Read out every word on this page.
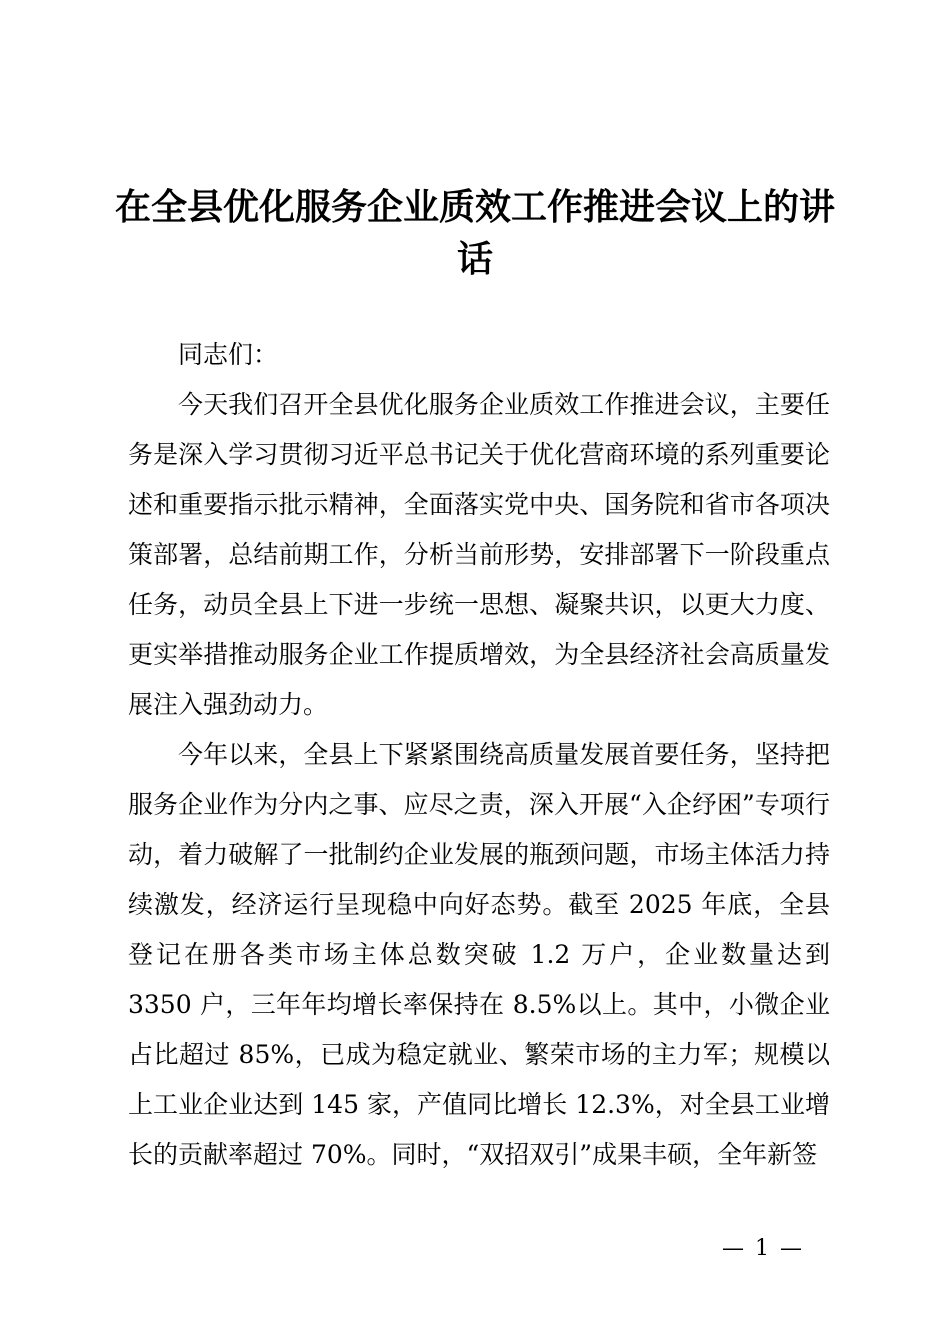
在全县优化服务企业质效工作推进会议上的讲话

同志们：

今天我们召开全县优化服务企业质效工作推进会议，主要任务是深入学习贯彻习近平总书记关于优化营商环境的系列重要论述和重要指示批示精神，全面落实党中央、国务院和省市各项决策部署，总结前期工作，分析当前形势，安排部署下一阶段重点任务，动员全县上下进一步统一思想、凝聚共识，以更大力度、更实举措推动服务企业工作提质增效，为全县经济社会高质量发展注入强劲动力。

今年以来，全县上下紧紧围绕高质量发展首要任务，坚持把服务企业作为分内之事、应尽之责，深入开展“入企纾困”专项行动，着力破解了一批制约企业发展的瓶颈问题，市场主体活力持续激发，经济运行呈现稳中向好态势。截至 2025 年底，全县登记在册各类市场主体总数突破 1.2 万户，企业数量达到 3350 户，三年年均增长率保持在 8.5%以上。其中，小微企业占比超过 85%，已成为稳定就业、繁荣市场的主力军；规模以上工业企业达到 145 家，产值同比增长 12.3%，对全县工业增长的贡献率超过 70%。同时，“双招双引”成果丰硕，全年新签

— 1 —
